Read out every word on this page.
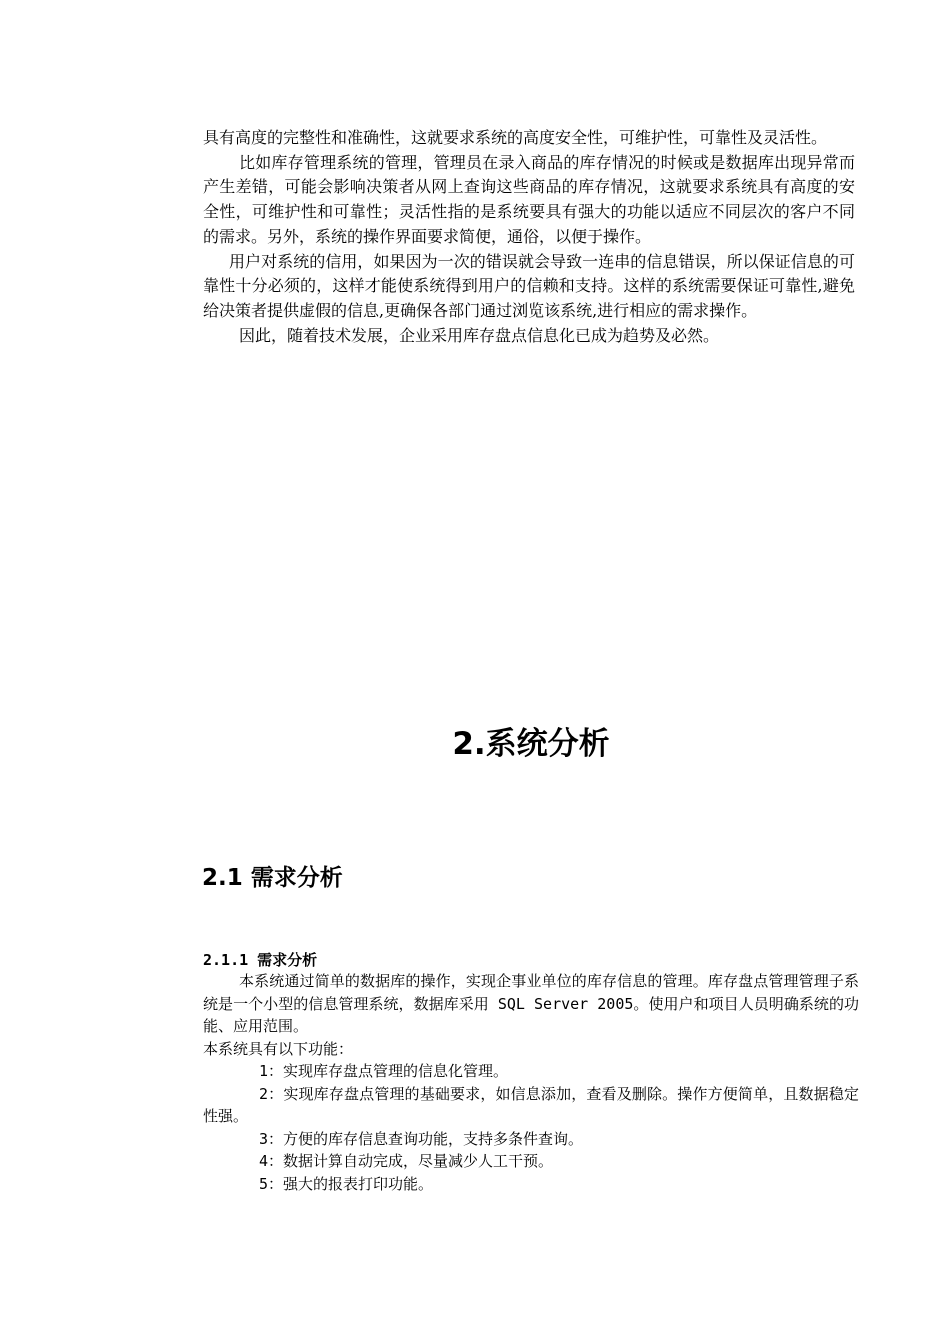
具有高度的完整性和准确性，这就要求系统的高度安全性，可维护性，可靠性及灵活性。

比如库存管理系统的管理，管理员在录入商品的库存情况的时候或是数据库出现异常而产生差错，可能会影响决策者从网上查询这些商品的库存情况，这就要求系统具有高度的安全性，可维护性和可靠性；灵活性指的是系统要具有强大的功能以适应不同层次的客户不同的需求。另外，系统的操作界面要求简便，通俗，以便于操作。

用户对系统的信用，如果因为一次的错误就会导致一连串的信息错误，所以保证信息的可靠性十分必须的，这样才能使系统得到用户的信赖和支持。这样的系统需要保证可靠性,避免给决策者提供虚假的信息,更确保各部门通过浏览该系统,进行相应的需求操作。

因此，随着技术发展，企业采用库存盘点信息化已成为趋势及必然。

2.系统分析
2.1 需求分析
2.1.1 需求分析

本系统通过简单的数据库的操作，实现企事业单位的库存信息的管理。库存盘点管理管理子系统是一个小型的信息管理系统，数据库采用 SQL Server 2005。使用户和项目人员明确系统的功能、应用范围。

本系统具有以下功能：

1：实现库存盘点管理的信息化管理。

2：实现库存盘点管理的基础要求，如信息添加，查看及删除。操作方便简单，且数据稳定性强。

3：方便的库存信息查询功能，支持多条件查询。

4：数据计算自动完成，尽量减少人工干预。

5：强大的报表打印功能。
